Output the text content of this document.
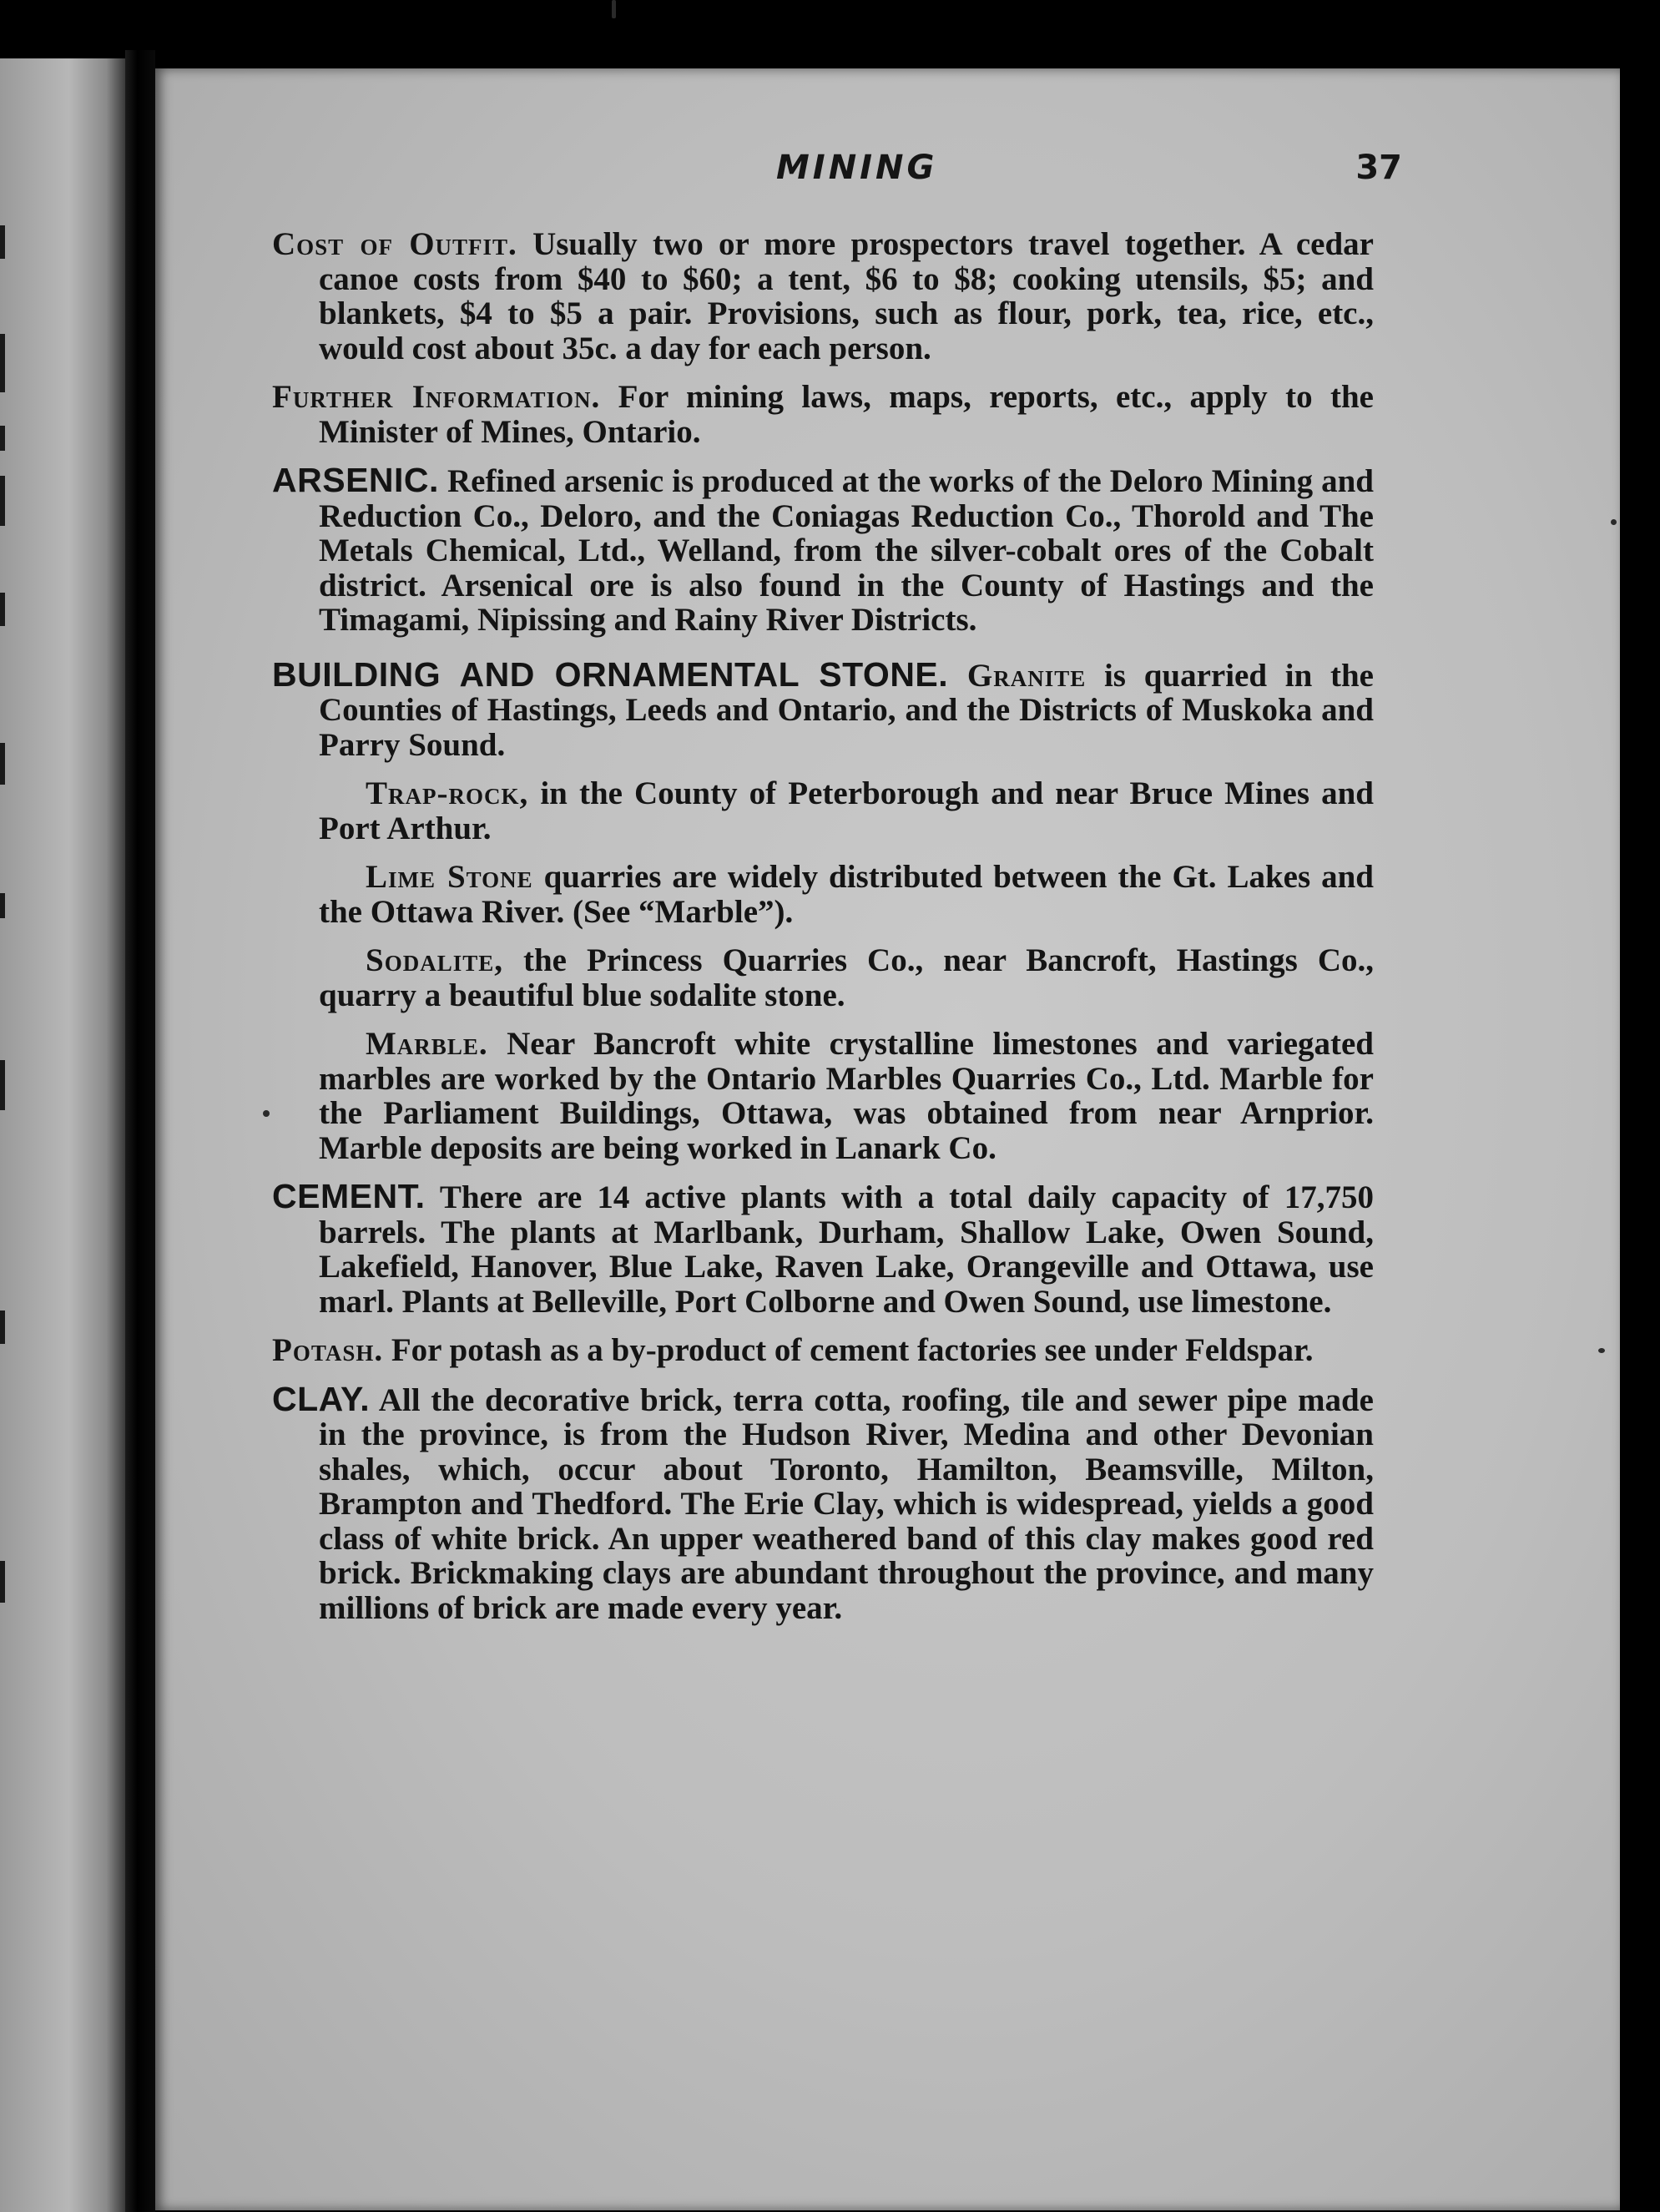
MINING	37

Cost of Outfit. Usually two or more prospectors travel together. A cedar canoe costs from $40 to $60; a tent, $6 to $8; cooking utensils, $5; and blankets, $4 to $5 a pair. Provisions, such as flour, pork, tea, rice, etc., would cost about 35c. a day for each person.

Further Information. For mining laws, maps, reports, etc., apply to the Minister of Mines, Ontario.

ARSENIC. Refined arsenic is produced at the works of the Deloro Mining and Reduction Co., Deloro, and the Coniagas Reduction Co., Thorold and The Metals Chemical, Ltd., Welland, from the silver-cobalt ores of the Cobalt district. Arsenical ore is also found in the County of Hastings and the Timagami, Nipissing and Rainy River Districts.

BUILDING AND ORNAMENTAL STONE. Granite is quarried in the Counties of Hastings, Leeds and Ontario, and the Districts of Muskoka and Parry Sound.

Trap-rock, in the County of Peterborough and near Bruce Mines and Port Arthur.

Lime Stone quarries are widely distributed between the Gt. Lakes and the Ottawa River. (See “Marble”).

Sodalite, the Princess Quarries Co., near Bancroft, Hastings Co., quarry a beautiful blue sodalite stone.

Marble. Near Bancroft white crystalline limestones and variegated marbles are worked by the Ontario Marbles Quarries Co., Ltd. Marble for the Parliament Buildings, Ottawa, was obtained from near Arnprior. Marble deposits are being worked in Lanark Co.

CEMENT. There are 14 active plants with a total daily capacity of 17,750 barrels. The plants at Marlbank, Durham, Shallow Lake, Owen Sound, Lakefield, Hanover, Blue Lake, Raven Lake, Orangeville and Ottawa, use marl. Plants at Belleville, Port Colborne and Owen Sound, use limestone.

Potash. For potash as a by-product of cement factories see under Feldspar.

CLAY. All the decorative brick, terra cotta, roofing, tile and sewer pipe made in the province, is from the Hudson River, Medina and other Devonian shales, which, occur about Toronto, Hamilton, Beamsville, Milton, Brampton and Thedford. The Erie Clay, which is widespread, yields a good class of white brick. An upper weathered band of this clay makes good red brick. Brickmaking clays are abundant throughout the province, and many millions of brick are made every year.
